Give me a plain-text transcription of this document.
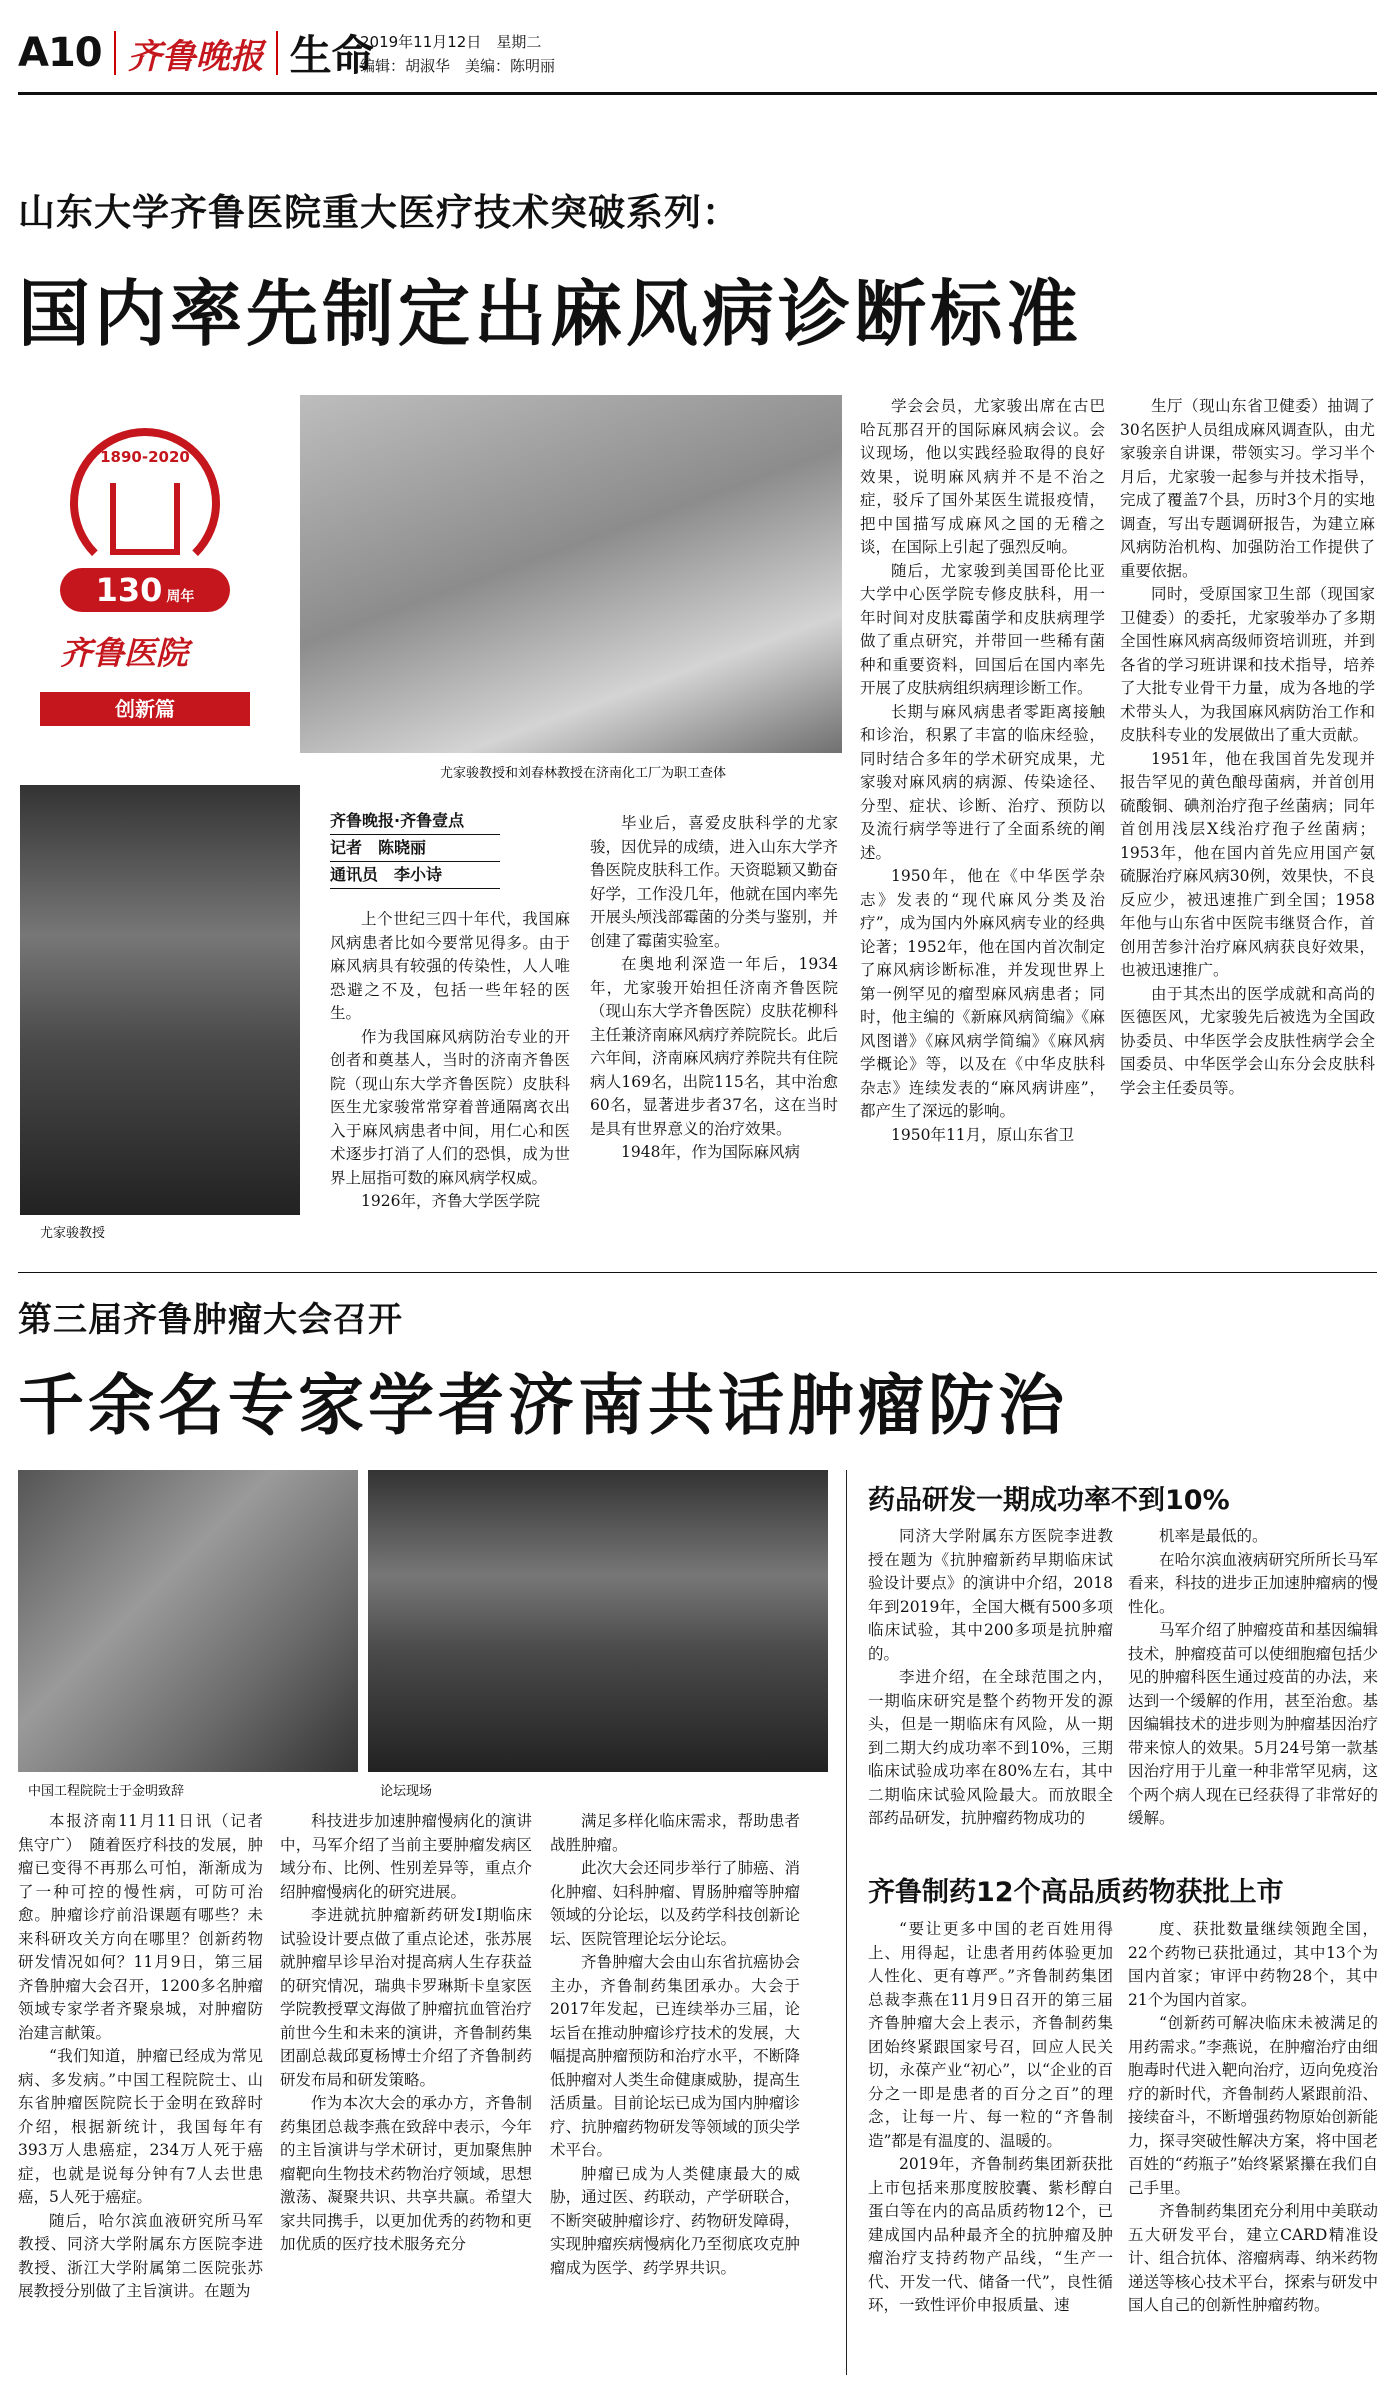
A10 齐鲁晚报 生命
2019年11月12日　星期二
编辑：胡淑华　美编：陈明丽
山东大学齐鲁医院重大医疗技术突破系列：
国内率先制定出麻风病诊断标准
1890-2020
130 周年
齐鲁医院
创新篇
尤家骏教授和刘春林教授在济南化工厂为职工查体
尤家骏教授
齐鲁晚报·齐鲁壹点
记者　陈晓丽
通讯员　李小诗

上个世纪三四十年代，我国麻风病患者比如今要常见得多。由于麻风病具有较强的传染性，人人唯恐避之不及，包括一些年轻的医生。

作为我国麻风病防治专业的开创者和奠基人，当时的济南齐鲁医院（现山东大学齐鲁医院）皮肤科医生尤家骏常常穿着普通隔离衣出入于麻风病患者中间，用仁心和医术逐步打消了人们的恐惧，成为世界上屈指可数的麻风病学权威。

1926年，齐鲁大学医学院

毕业后，喜爱皮肤科学的尤家骏，因优异的成绩，进入山东大学齐鲁医院皮肤科工作。天资聪颖又勤奋好学，工作没几年，他就在国内率先开展头颅浅部霉菌的分类与鉴别，并创建了霉菌实验室。

在奥地利深造一年后，1934年，尤家骏开始担任济南齐鲁医院（现山东大学齐鲁医院）皮肤花柳科主任兼济南麻风病疗养院院长。此后六年间，济南麻风病疗养院共有住院病人169名，出院115名，其中治愈60名，显著进步者37名，这在当时是具有世界意义的治疗效果。

1948年，作为国际麻风病

学会会员，尤家骏出席在古巴哈瓦那召开的国际麻风病会议。会议现场，他以实践经验取得的良好效果，说明麻风病并不是不治之症，驳斥了国外某医生谎报疫情，把中国描写成麻风之国的无稽之谈，在国际上引起了强烈反响。

随后，尤家骏到美国哥伦比亚大学中心医学院专修皮肤科，用一年时间对皮肤霉菌学和皮肤病理学做了重点研究，并带回一些稀有菌种和重要资料，回国后在国内率先开展了皮肤病组织病理诊断工作。

长期与麻风病患者零距离接触和诊治，积累了丰富的临床经验，同时结合多年的学术研究成果，尤家骏对麻风病的病源、传染途径、分型、症状、诊断、治疗、预防以及流行病学等进行了全面系统的阐述。

1950年，他在《中华医学杂志》发表的“现代麻风分类及治疗”，成为国内外麻风病专业的经典论著；1952年，他在国内首次制定了麻风病诊断标准，并发现世界上第一例罕见的瘤型麻风病患者；同时，他主编的《新麻风病简编》《麻风图谱》《麻风病学简编》《麻风病学概论》等，以及在《中华皮肤科杂志》连续发表的“麻风病讲座”，都产生了深远的影响。

1950年11月，原山东省卫

生厅（现山东省卫健委）抽调了30名医护人员组成麻风调查队，由尤家骏亲自讲课，带领实习。学习半个月后，尤家骏一起参与并技术指导，完成了覆盖7个县，历时3个月的实地调查，写出专题调研报告，为建立麻风病防治机构、加强防治工作提供了重要依据。

同时，受原国家卫生部（现国家卫健委）的委托，尤家骏举办了多期全国性麻风病高级师资培训班，并到各省的学习班讲课和技术指导，培养了大批专业骨干力量，成为各地的学术带头人，为我国麻风病防治工作和皮肤科专业的发展做出了重大贡献。

1951年，他在我国首先发现并报告罕见的黄色酿母菌病，并首创用硫酸铜、碘剂治疗孢子丝菌病；同年首创用浅层X线治疗孢子丝菌病；1953年，他在国内首先应用国产氨硫脲治疗麻风病30例，效果快，不良反应少，被迅速推广到全国；1958年他与山东省中医院韦继贤合作，首创用苦参汁治疗麻风病获良好效果，也被迅速推广。

由于其杰出的医学成就和高尚的医德医风，尤家骏先后被选为全国政协委员、中华医学会皮肤性病学会全国委员、中华医学会山东分会皮肤科学会主任委员等。

第三届齐鲁肿瘤大会召开
千余名专家学者济南共话肿瘤防治
中国工程院院士于金明致辞	论坛现场

本报济南11月11日讯（记者　焦守广）　随着医疗科技的发展，肿瘤已变得不再那么可怕，渐渐成为了一种可控的慢性病，可防可治愈。肿瘤诊疗前沿课题有哪些？未来科研攻关方向在哪里？创新药物研发情况如何？11月9日，第三届齐鲁肿瘤大会召开，1200多名肿瘤领域专家学者齐聚泉城，对肿瘤防治建言献策。

“我们知道，肿瘤已经成为常见病、多发病。”中国工程院院士、山东省肿瘤医院院长于金明在致辞时介绍，根据新统计，我国每年有393万人患癌症，234万人死于癌症，也就是说每分钟有7人去世患癌，5人死于癌症。

随后，哈尔滨血液研究所马军教授、同济大学附属东方医院李进教授、浙江大学附属第二医院张苏展教授分别做了主旨演讲。在题为

科技进步加速肿瘤慢病化的演讲中，马军介绍了当前主要肿瘤发病区域分布、比例、性别差异等，重点介绍肿瘤慢病化的研究进展。

李进就抗肿瘤新药研发Ⅰ期临床试验设计要点做了重点论述，张苏展就肿瘤早诊早治对提高病人生存获益的研究情况，瑞典卡罗琳斯卡皇家医学院教授覃文海做了肿瘤抗血管治疗前世今生和未来的演讲，齐鲁制药集团副总裁邱夏杨博士介绍了齐鲁制药研发布局和研发策略。

作为本次大会的承办方，齐鲁制药集团总裁李燕在致辞中表示，今年的主旨演讲与学术研讨，更加聚焦肿瘤靶向生物技术药物治疗领域，思想激荡、凝聚共识、共享共赢。希望大家共同携手，以更加优秀的药物和更加优质的医疗技术服务充分

满足多样化临床需求，帮助患者战胜肿瘤。

此次大会还同步举行了肺癌、消化肿瘤、妇科肿瘤、胃肠肿瘤等肿瘤领域的分论坛，以及药学科技创新论坛、医院管理论坛分论坛。

齐鲁肿瘤大会由山东省抗癌协会主办，齐鲁制药集团承办。大会于2017年发起，已连续举办三届，论坛旨在推动肿瘤诊疗技术的发展，大幅提高肿瘤预防和治疗水平，不断降低肿瘤对人类生命健康威胁，提高生活质量。目前论坛已成为国内肿瘤诊疗、抗肿瘤药物研发等领域的顶尖学术平台。

肿瘤已成为人类健康最大的威胁，通过医、药联动，产学研联合，不断突破肿瘤诊疗、药物研发障碍，实现肿瘤疾病慢病化乃至彻底攻克肿瘤成为医学、药学界共识。

药品研发一期成功率不到10%

同济大学附属东方医院李进教授在题为《抗肿瘤新药早期临床试验设计要点》的演讲中介绍，2018年到2019年，全国大概有500多项临床试验，其中200多项是抗肿瘤的。

李进介绍，在全球范围之内，一期临床研究是整个药物开发的源头，但是一期临床有风险，从一期到二期大约成功率不到10%，三期临床试验成功率在80%左右，其中二期临床试验风险最大。而放眼全部药品研发，抗肿瘤药物成功的

机率是最低的。

在哈尔滨血液病研究所所长马军看来，科技的进步正加速肿瘤病的慢性化。

马军介绍了肿瘤疫苗和基因编辑技术，肿瘤疫苗可以使细胞瘤包括少见的肿瘤科医生通过疫苗的办法，来达到一个缓解的作用，甚至治愈。基因编辑技术的进步则为肿瘤基因治疗带来惊人的效果。5月24号第一款基因治疗用于儿童一种非常罕见病，这个两个病人现在已经获得了非常好的缓解。

齐鲁制药12个高品质药物获批上市

“要让更多中国的老百姓用得上、用得起，让患者用药体验更加人性化、更有尊严。”齐鲁制药集团总裁李燕在11月9日召开的第三届齐鲁肿瘤大会上表示，齐鲁制药集团始终紧跟国家号召，回应人民关切，永葆产业“初心”，以“企业的百分之一即是患者的百分之百”的理念，让每一片、每一粒的“齐鲁制造”都是有温度的、温暖的。

2019年，齐鲁制药集团新获批上市包括来那度胺胶囊、紫杉醇白蛋白等在内的高品质药物12个，已建成国内品种最齐全的抗肿瘤及肿瘤治疗支持药物产品线，“生产一代、开发一代、储备一代”，良性循环，一致性评价申报质量、速

度、获批数量继续领跑全国，22个药物已获批通过，其中13个为国内首家；审评中药物28个，其中21个为国内首家。

“创新药可解决临床未被满足的用药需求。”李燕说，在肿瘤治疗由细胞毒时代进入靶向治疗，迈向免疫治疗的新时代，齐鲁制药人紧跟前沿、接续奋斗，不断增强药物原始创新能力，探寻突破性解决方案，将中国老百姓的“药瓶子”始终紧紧攥在我们自己手里。

齐鲁制药集团充分利用中美联动五大研发平台，建立CARD精准设计、组合抗体、溶瘤病毒、纳米药物递送等核心技术平台，探索与研发中国人自己的创新性肿瘤药物。
